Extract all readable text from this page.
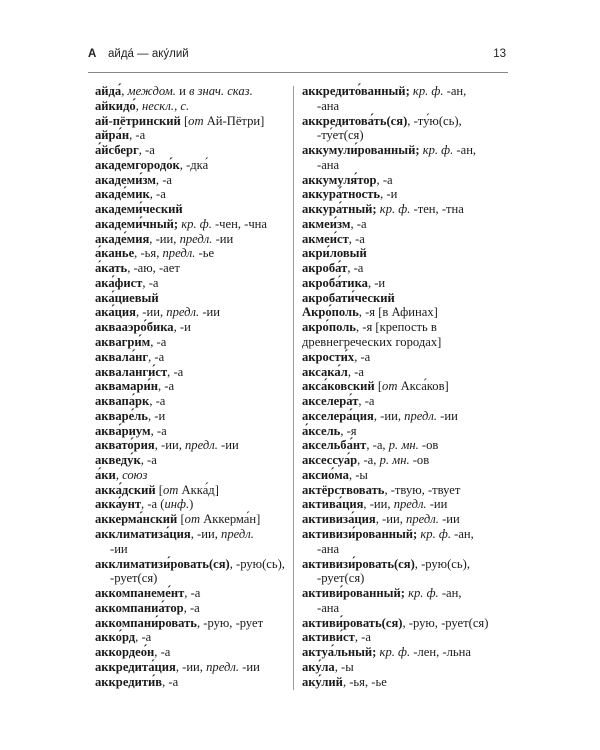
А айда́ — аку́лий	13
айда́, междом. и в знач. сказ.
айкидо́, нескл., с.
ай-пётринский [от Ай-Пётри]
айра́н, -а
а́йсберг, -а
академгородо́к, -дка́
академи́зм, -а
акаде́мик, -а
академи́ческий
академи́чный; кр. ф. -чен, -чна
акаде́мия, -ии, предл. -ии
а́канье, -ья, предл. -ье
а́кать, -аю, -ает
ака́фист, -а
ака́циевый
ака́ция, -ии, предл. -ии
аквааэро́бика, -и
аквагри́м, -а
аквала́нг, -а
акваланги́ст, -а
аквамари́н, -а
аквапа́рк, -а
акваре́ль, -и
аква́риум, -а
аквато́рия, -ии, предл. -ии
акведу́к, -а
а́ки, союз
акка́дский [от Акка́д]
акка́унт, -а (инф.)
аккерма́нский [от Аккерма́н]
акклиматиза́ция, -ии, предл.
-ии
акклиматизи́ровать(ся), -рую(сь),
-рует(ся)
аккомпанеме́нт, -а
аккомпаниа́тор, -а
аккомпани́ровать, -рую, -рует
акко́рд, -а
аккордео́н, -а
аккредита́ция, -ии, предл. -ии
аккредити́в, -а
аккредито́ванный; кр. ф. -ан,
-ана
аккредитова́ть(ся), -ту́ю(сь),
-ту́ет(ся)
аккумули́рованный; кр. ф. -ан,
-ана
аккумуля́тор, -а
аккура́тность, -и
аккура́тный; кр. ф. -тен, -тна
акмеи́зм, -а
акмеи́ст, -а
акри́ловый
акроба́т, -а
акроба́тика, -и
акробати́ческий
Акро́поль, -я [в Афинах]
акро́поль, -я [крепость в
древнегреческих городах]
акрости́х, -а
аксака́л, -а
акса́ковский [от Акса́ков]
акселера́т, -а
акселера́ция, -ии, предл. -ии
а́ксель, -я
аксельба́нт, -а, р. мн. -ов
аксессуа́р, -а, р. мн. -ов
аксио́ма, -ы
актёрствовать, -твую, -твует
актива́ция, -ии, предл. -ии
активиза́ция, -ии, предл. -ии
активизи́рованный; кр. ф. -ан,
-ана
активизи́ровать(ся), -рую(сь),
-рует(ся)
активи́рованный; кр. ф. -ан,
-ана
активи́ровать(ся), -рую, -рует(ся)
активи́ст, -а
актуа́льный; кр. ф. -лен, -льна
аку́ла, -ы
аку́лий, -ья, -ье
